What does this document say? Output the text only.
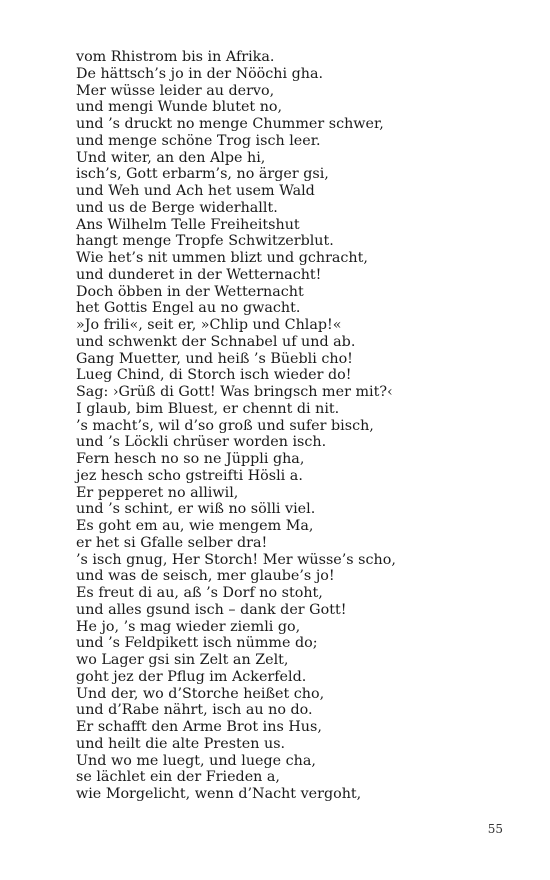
vom Rhistrom bis in Afrika.
De hättsch’s jo in der Nööchi gha.
Mer wüsse leider au dervo,
und mengi Wunde blutet no,
und ’s druckt no menge Chummer schwer,
und menge schöne Trog isch leer.
Und witer, an den Alpe hi,
isch’s, Gott erbarm’s, no ärger gsi,
und Weh und Ach het usem Wald
und us de Berge widerhallt.
Ans Wilhelm Telle Freiheitshut
hangt menge Tropfe Schwitzerblut.
Wie het’s nit ummen blizt und gchracht,
und dunderet in der Wetternacht!
Doch öbben in der Wetternacht
het Gottis Engel au no gwacht.
»Jo frili«, seit er, »Chlip und Chlap!«
und schwenkt der Schnabel uf und ab.
Gang Muetter, und heiß ’s Büebli cho!
Lueg Chind, di Storch isch wieder do!
Sag: ›Grüß di Gott! Was bringsch mer mit?‹
I glaub, bim Bluest, er chennt di nit.
’s macht’s, wil d’so groß und sufer bisch,
und ’s Löckli chrüser worden isch.
Fern hesch no so ne Jüppli gha,
jez hesch scho gstreifti Hösli a.
Er pepperet no alliwil,
und ’s schint, er wiß no sölli viel.
Es goht em au, wie mengem Ma,
er het si Gfalle selber dra!
’s isch gnug, Her Storch! Mer wüsse’s scho,
und was de seisch, mer glaube’s jo!
Es freut di au, aß ’s Dorf no stoht,
und alles gsund isch – dank der Gott!
He jo, ’s mag wieder ziemli go,
und ’s Feldpikett isch nümme do;
wo Lager gsi sin Zelt an Zelt,
goht jez der Pflug im Ackerfeld.
Und der, wo d’Storche heißet cho,
und d’Rabe nährt, isch au no do.
Er schafft den Arme Brot ins Hus,
und heilt die alte Presten us.
Und wo me luegt, und luege cha,
se lächlet ein der Frieden a,
wie Morgelicht, wenn d’Nacht vergoht,
55
